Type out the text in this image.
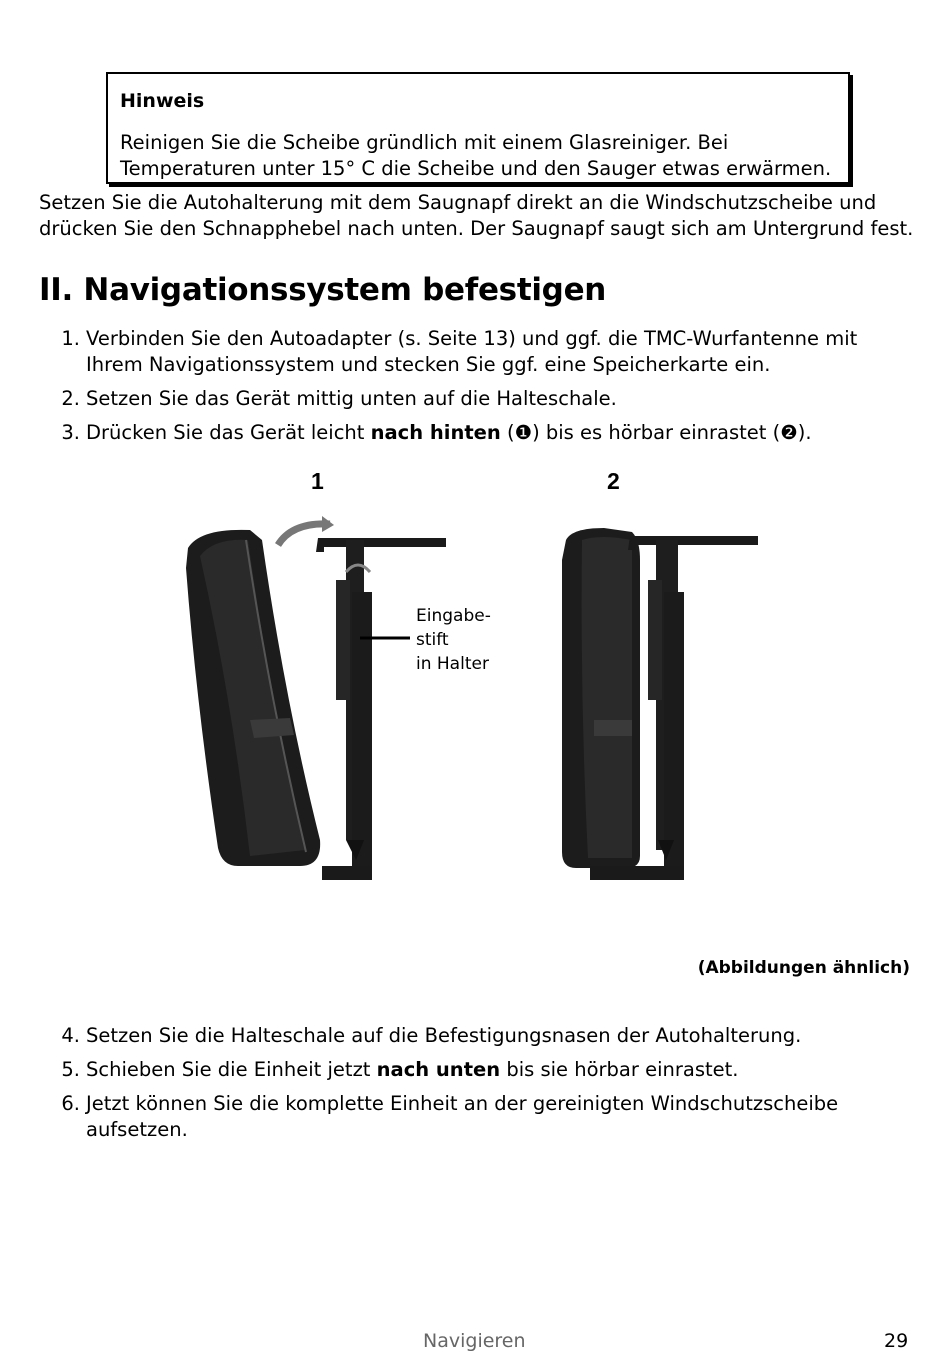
Hinweis
Reinigen Sie die Scheibe gründlich mit einem Glasreiniger. Bei Temperaturen unter 15° C die Scheibe und den Sauger etwas erwärmen.
Setzen Sie die Autohalterung mit dem Saugnapf direkt an die Windschutzscheibe und drücken Sie den Schnapphebel nach unten. Der Saugnapf saugt sich am Untergrund fest.
II. Navigationssystem befestigen
1. Verbinden Sie den Autoadapter (s. Seite 13) und ggf. die TMC-Wurfantenne mit Ihrem Navigationssystem und stecken Sie ggf. eine Speicherkarte ein.
2. Setzen Sie das Gerät mittig unten auf die Halteschale.
3. Drücken Sie das Gerät leicht nach hinten (❶) bis es hörbar einrastet (❷).
1	2
Eingabe-
stift
in Halter
(Abbildungen ähnlich)
4. Setzen Sie die Halteschale auf die Befestigungsnasen der Autohalterung.
5. Schieben Sie die Einheit jetzt nach unten bis sie hörbar einrastet.
6. Jetzt können Sie die komplette Einheit an der gereinigten Windschutzscheibe aufsetzen.
Navigieren	29
